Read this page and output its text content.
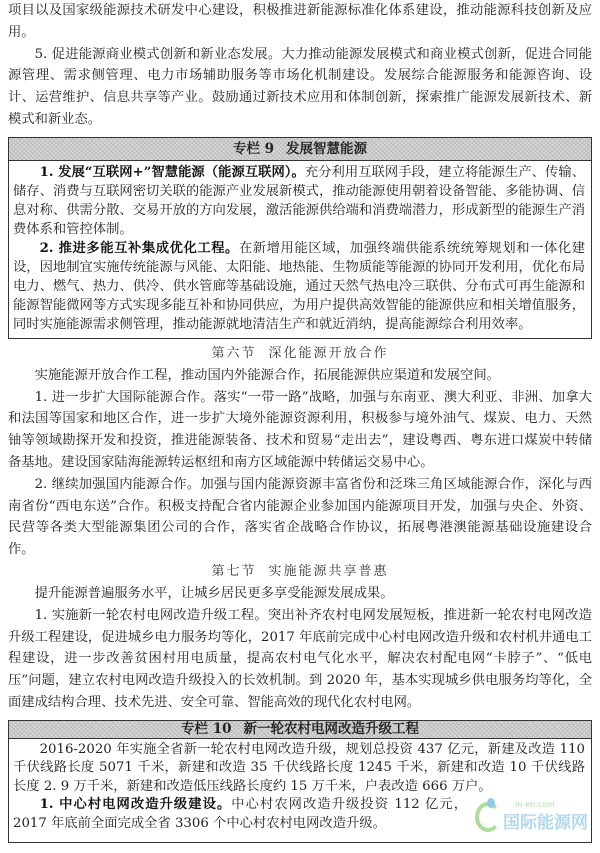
项目以及国家级能源技术研发中心建设，积极推进新能源标准化体系建设，推动能源科技创新及应用。

5. 促进能源商业模式创新和新业态发展。大力推动能源发展模式和商业模式创新，促进合同能源管理、需求侧管理、电力市场辅助服务等市场化机制建设。发展综合能源服务和能源咨询、设计、运营维护、信息共享等产业。鼓励通过新技术应用和体制创新，探索推广能源发展新技术、新模式和新业态。

专栏 9 发展智慧能源

1. 发展“互联网+”智慧能源（能源互联网）。充分利用互联网手段，建立将能源生产、传输、储存、消费与互联网密切关联的能源产业发展新模式，推动能源使用朝着设备智能、多能协调、信息对称、供需分散、交易开放的方向发展，激活能源供给端和消费端潜力，形成新型的能源生产消费体系和管控体制。

2. 推进多能互补集成优化工程。在新增用能区域，加强终端供能系统统筹规划和一体化建设，因地制宜实施传统能源与风能、太阳能、地热能、生物质能等能源的协同开发利用，优化布局电力、燃气、热力、供冷、供水管廊等基础设施，通过天然气热电冷三联供、分布式可再生能源和能源智能微网等方式实现多能互补和协同供应，为用户提供高效智能的能源供应和相关增值服务，同时实施能源需求侧管理，推动能源就地清洁生产和就近消纳，提高能源综合利用效率。

第六节 深化能源开放合作

实施能源开放合作工程，推动国内外能源合作，拓展能源供应渠道和发展空间。

1. 进一步扩大国际能源合作。落实“一带一路”战略，加强与东南亚、澳大利亚、非洲、加拿大和法国等国家和地区合作，进一步扩大境外能源资源利用，积极参与境外油气、煤炭、电力、天然铀等领域勘探开发和投资，推进能源装备、技术和贸易“走出去”，建设粤西、粤东进口煤炭中转储备基地。建设国家陆海能源转运枢纽和南方区域能源中转储运交易中心。

2. 继续加强国内能源合作。加强与国内能源资源丰富省份和泛珠三角区域能源合作，深化与西南省份“西电东送”合作。积极支持配合省内能源企业参加国内能源项目开发，加强与央企、外资、民营等各类大型能源集团公司的合作，落实省企战略合作协议，拓展粤港澳能源基础设施建设合作。

第七节 实施能源共享普惠

提升能源普遍服务水平，让城乡居民更多享受能源发展成果。

1. 实施新一轮农村电网改造升级工程。突出补齐农村电网发展短板，推进新一轮农村电网改造升级工程建设，促进城乡电力服务均等化，2017 年底前完成中心村电网改造升级和农村机井通电工程建设，进一步改善贫困村用电质量，提高农村电气化水平，解决农村配电网“卡脖子”、“低电压”问题，建立农村电网改造升级投入的长效机制。到 2020 年，基本实现城乡供电服务均等化，全面建成结构合理、技术先进、安全可靠、智能高效的现代化农村电网。

专栏 10 新一轮农村电网改造升级工程

2016-2020 年实施全省新一轮农村电网改造升级，规划总投资 437 亿元，新建及改造 110 千伏线路长度 5071 千米，新建和改造 35 千伏线路长度 1245 千米，新建和改造 10 千伏线路长度 2. 9 万千米，新建和改造低压线路长度约 15 万千米，户表改造 666 万户。

in-en.com
国际能源网

1. 中心村电网改造升级建设。中心村农网改造升级投资 112 亿元，2017 年底前全面完成全省 3306 个中心村农村电网改造升级。
